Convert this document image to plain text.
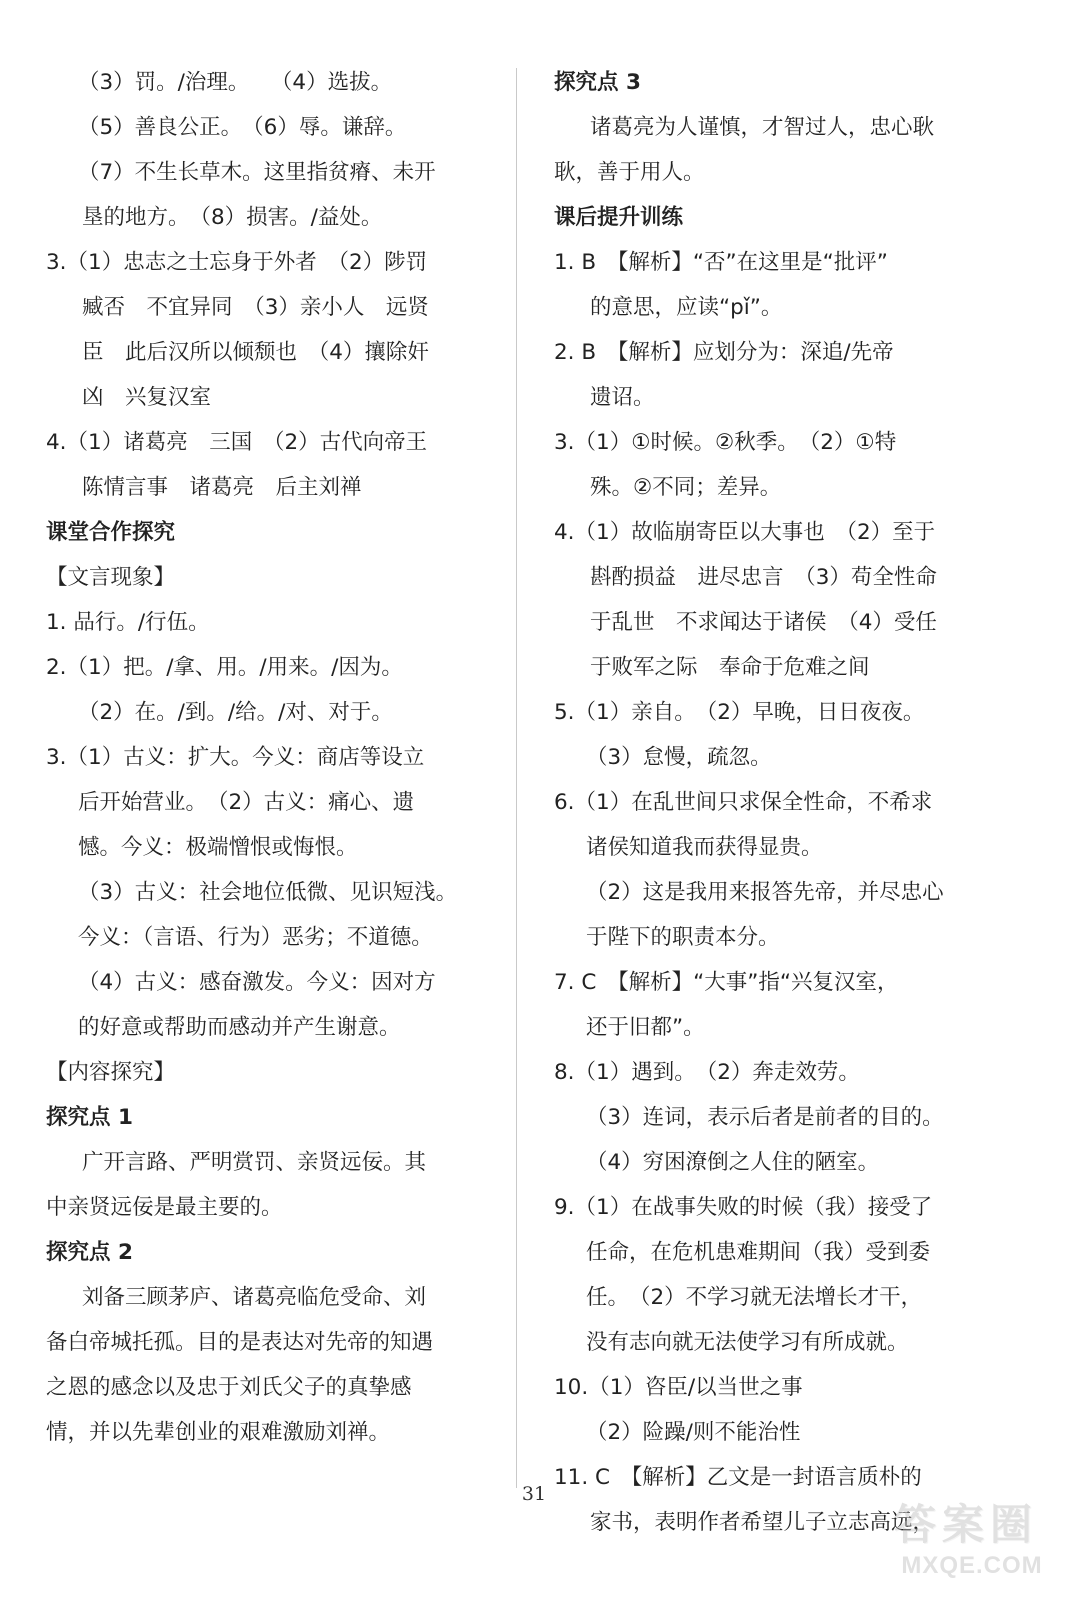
（3）罚。/治理。　　（4）选拔。
（5）善良公正。　（6）辱。谦辞。
（7）不生长草木。这里指贫瘠、未开
垦的地方。　（8）损害。/益处。
3.（1）忠志之士忘身于外者　（2）陟罚
臧否　不宜异同　（3）亲小人　远贤
臣　此后汉所以倾颓也　（4）攘除奸
凶　兴复汉室
4.（1）诸葛亮　三国　（2）古代向帝王
陈情言事　诸葛亮　后主刘禅
课堂合作探究
【文言现象】
1. 品行。/行伍。
2.（1）把。/拿、用。/用来。/因为。
（2）在。/到。/给。/对、对于。
3.（1）古义：扩大。今义：商店等设立
后开始营业。　（2）古义：痛心、遗
憾。今义：极端憎恨或悔恨。
（3）古义：社会地位低微、见识短浅。
今义：（言语、行为）恶劣；不道德。
（4）古义：感奋激发。今义：因对方
的好意或帮助而感动并产生谢意。
【内容探究】
探究点 1
广开言路、严明赏罚、亲贤远佞。其
中亲贤远佞是最主要的。
探究点 2
刘备三顾茅庐、诸葛亮临危受命、刘
备白帝城托孤。目的是表达对先帝的知遇
之恩的感念以及忠于刘氏父子的真挚感
情，并以先辈创业的艰难激励刘禅。
探究点 3
诸葛亮为人谨慎，才智过人，忠心耿
耿，善于用人。
课后提升训练
1. B　【解析】“否”在这里是“批评”
的意思，应读“pǐ”。
2. B　【解析】应划分为：深追/先帝
遗诏。
3.（1）①时候。②秋季。　（2）①特
殊。②不同；差异。
4.（1）故临崩寄臣以大事也　（2）至于
斟酌损益　进尽忠言　（3）苟全性命
于乱世　不求闻达于诸侯　（4）受任
于败军之际　奉命于危难之间
5.（1）亲自。　（2）早晚，日日夜夜。
（3）怠慢，疏忽。
6.（1）在乱世间只求保全性命，不希求
诸侯知道我而获得显贵。
（2）这是我用来报答先帝，并尽忠心
于陛下的职责本分。
7. C　【解析】“大事”指“兴复汉室，
还于旧都”。
8.（1）遇到。　（2）奔走效劳。
（3）连词，表示后者是前者的目的。
（4）穷困潦倒之人住的陋室。
9.（1）在战事失败的时候（我）接受了
任命，在危机患难期间（我）受到委
任。　（2）不学习就无法增长才干，
没有志向就无法使学习有所成就。
10.（1）咨臣/以当世之事
（2）险躁/则不能治性
11. C　【解析】乙文是一封语言质朴的
家书，表明作者希望儿子立志高远，
31
答案圈
MXQE.COM
